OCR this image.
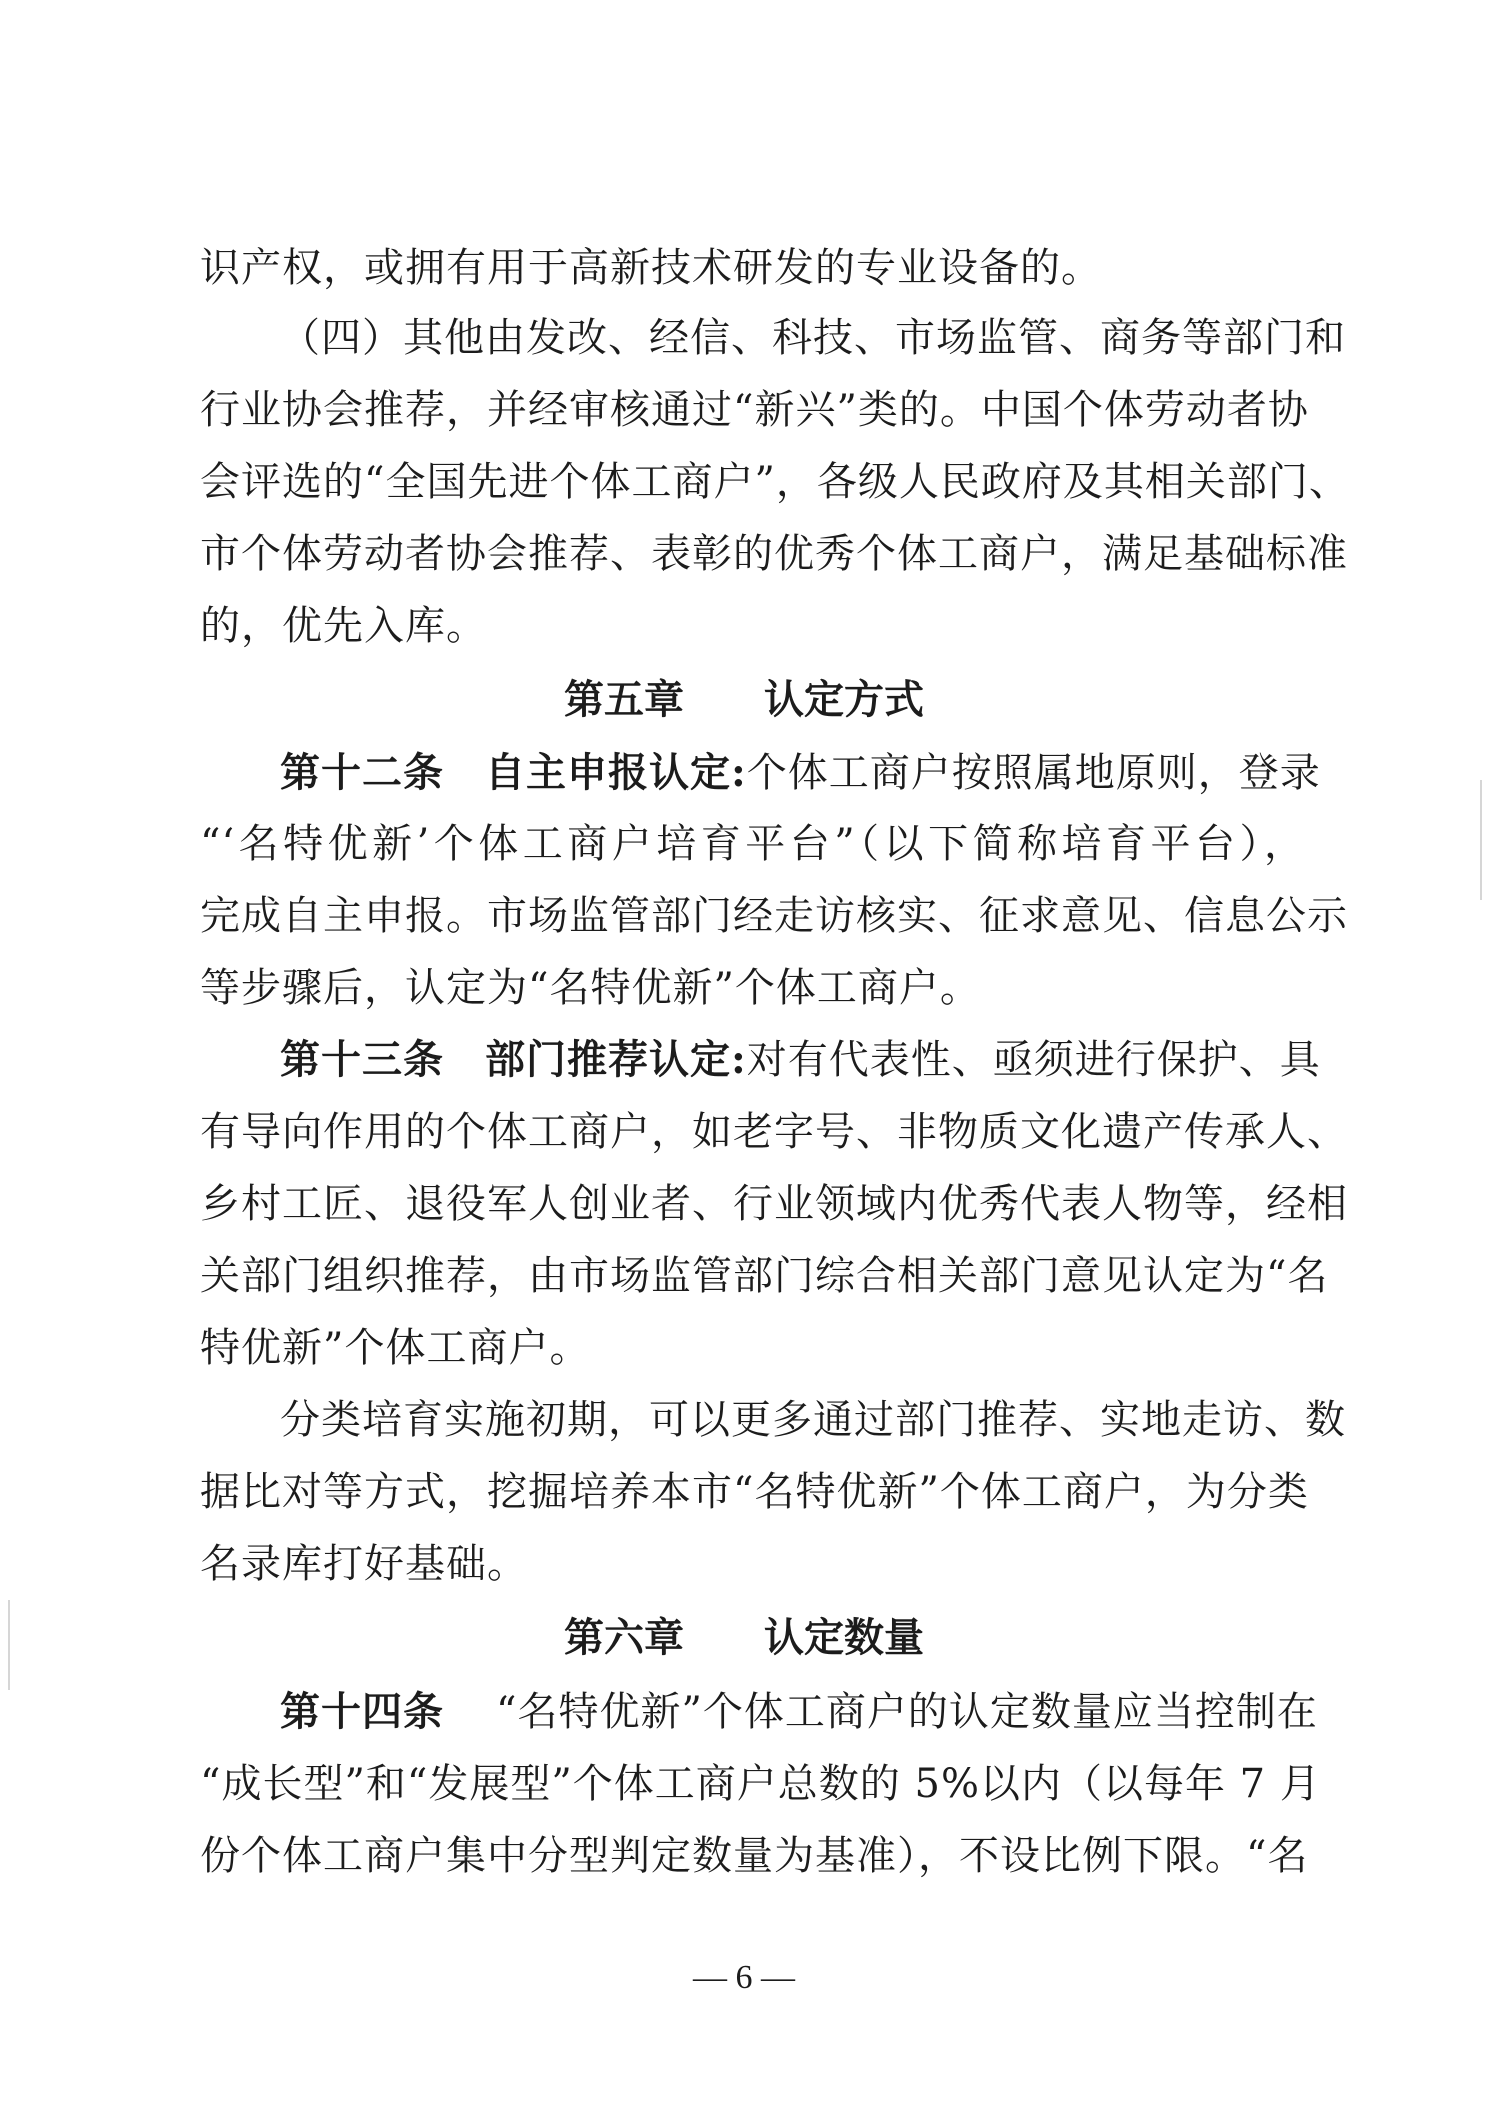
识产权，或拥有用于高新技术研发的专业设备的。
（四）其他由发改、经信、科技、市场监管、商务等部门和
行业协会推荐，并经审核通过“新兴”类的。中国个体劳动者协
会评选的“全国先进个体工商户”，各级人民政府及其相关部门、
市个体劳动者协会推荐、表彰的优秀个体工商户，满足基础标准
的，优先入库。
第五章　　认定方式
第十二条　自主申报认定:个体工商户按照属地原则，登录
“‘名特优新’个体工商户培育平台”（以下简称培育平台），
完成自主申报。市场监管部门经走访核实、征求意见、信息公示
等步骤后，认定为“名特优新”个体工商户。
第十三条　部门推荐认定:对有代表性、亟须进行保护、具
有导向作用的个体工商户，如老字号、非物质文化遗产传承人、
乡村工匠、退役军人创业者、行业领域内优秀代表人物等，经相
关部门组织推荐，由市场监管部门综合相关部门意见认定为“名
特优新”个体工商户。
分类培育实施初期，可以更多通过部门推荐、实地走访、数
据比对等方式，挖掘培养本市“名特优新”个体工商户，为分类
名录库打好基础。
第六章　　认定数量
第十四条 “名特优新”个体工商户的认定数量应当控制在
“成长型”和“发展型”个体工商户总数的 5%以内（以每年 7 月
份个体工商户集中分型判定数量为基准），不设比例下限。“名
— 6 —
